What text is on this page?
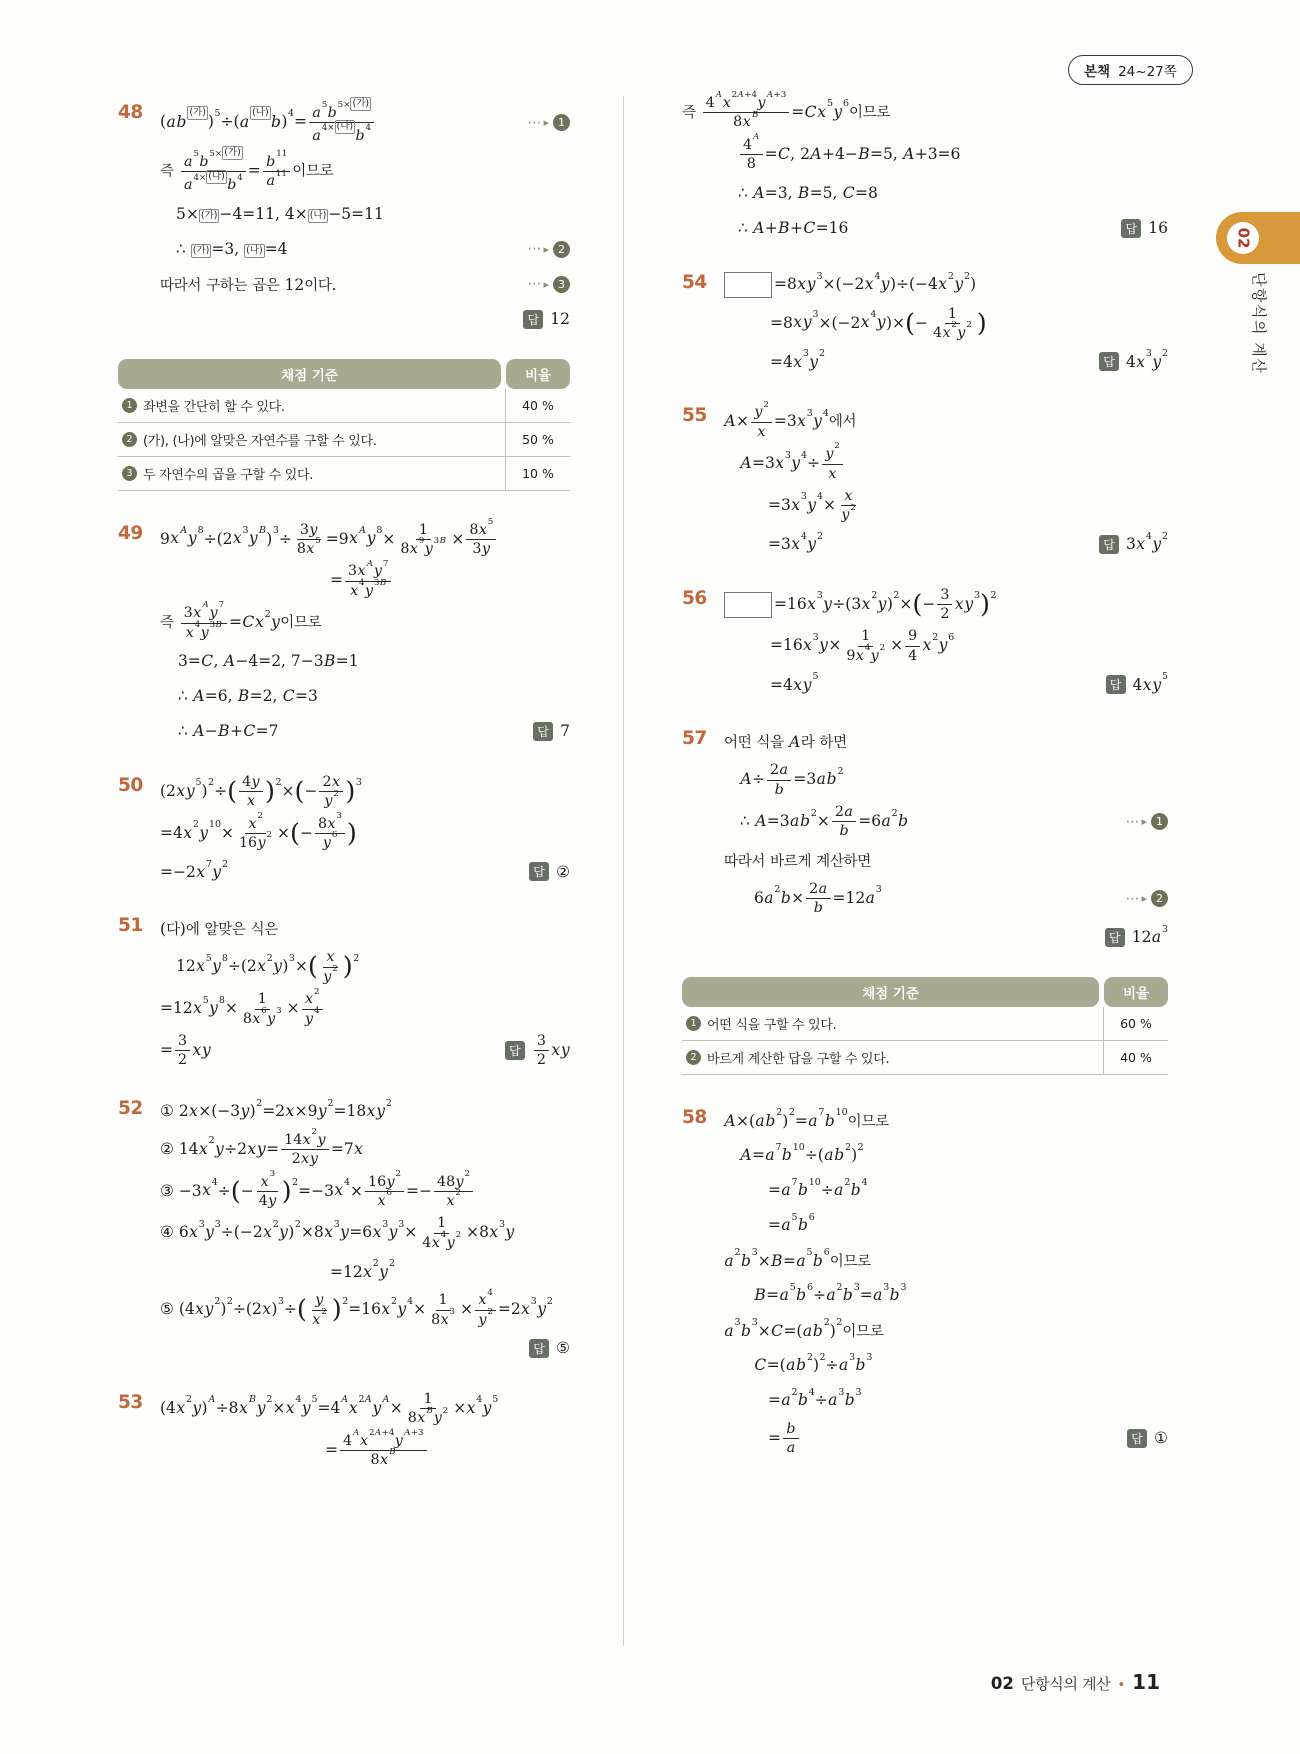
본책 24~27쪽
02
단항식의 계산
48	(ab $^{(가)}$ )$^5$÷(a $^{(나)}$ $b)^4= \frac{a^5b^{5\times (가)}}{a^{4\times (나)}b^4}$	⋯ ▸ 1
즉 $\frac{a^5b^{5\times (가)}}{a^{4\times (나)}b^4} = \frac{b^{11}}{a^{11}}$ 이므로
5× (가) −4=11, 4× (나) −5=11
∴ (가) =3, (나) =4	⋯ ▸ 2
따라서 구하는 곱은 12이다.	⋯ ▸ 3
답 12
채점 기준	비율
1 좌변을 간단히 할 수 있다.	40 %
2 (가), (나)에 알맞은 자연수를 구할 수 있다.	50 %
3 두 자연수의 곱을 구할 수 있다.	10 %
49	$9x^Ay^8\div(2x^3y^B)^3\div \frac{3y}{8x^5} =9x^Ay^8\times \frac{1}{8x^9y^{3B}} \times \frac{8x^5}{3y}$
= $\frac{3x^Ay^7}{x^4y^{3B}}$
즉 $\frac{3x^Ay^7}{x^4y^{3B}} =Cx^2y$이므로
3=C, A−4=2, 7−3B=1
∴ A=6, B=2, C=3
∴ A−B+C=7	답 7
50	$(2xy^5)^2\div( \frac{4y}{x} )^2\times(- \frac{2x}{y^2} )^3$
$=4x^2y^{10}\times \frac{x^2}{16y^2}$ ×(− $\frac{8x^3}{y^6}$ )
$=-2x^7y^2$
답 ②
51	(다)에 알맞은 식은
$12x^5y^8\div(2x^2y)^3\times( \frac{x}{y^2} )^2$
$=12x^5y^8\times \frac{1}{8x^6y^3} \times \frac{x^2}{y^4}$
= $\frac{3}{2}$ xy	답 $\frac{3}{2}$ xy
52	① $2x\times(-3y)^2=2x\times 9y^2=18xy^2$
② $14x^2y\div 2xy= \frac{14x^2y}{2xy} =7x$
③ $-3x^4\div(- \frac{x^3}{4y} )^2=-3x^4\times \frac{16y^2}{x^6} =- \frac{48y^2}{x^2}$
④ $6x^3y^3\div(-2x^2y)^2\times 8x^3y=6x^3y^3\times \frac{1}{4x^4y^2} \times 8x^3y$
$=12x^2y^2$
⑤ $(4xy^2)^2\div(2x)^3\div( \frac{y}{x^2} )^2=16x^2y^4\times \frac{1}{8x^3} \times \frac{x^4}{y^2} =2x^3y^2$
답 ⑤
53	$(4x^2y)^A\div 8x^By^2\times x^4y^5=4^Ax^{2A}y^A\times \frac{1}{8x^By^2} \times x^4y^5$
= $\frac{4^Ax^{2A+4}y^{A+3}}{8x^B}$
즉 $\frac{4^Ax^{2A+4}y^{A+3}}{8x^B} =Cx^5y^6$이므로
$\frac{4^A}{8} =C$, 2A+4−B=5, A+3=6
∴ A=3, B=5, C=8
∴ A+B+C=16	답 16
54	$=8xy^3\times(-2x^4y)\div(-4x^2y^2)$
$=8xy^3\times(-2x^4y)\times(- \frac{1}{4x^2y^2}$ )
$=4x^3y^2$
답 $4x^3y^2$
55	$A\times \frac{y^2}{x} =3x^3y^4$에서
$A=3x^3y^4\div \frac{y^2}{x}$
$=3x^3y^4\times \frac{x}{y^2}$
$=3x^4y^2$
답 $3x^4y^2$
56	$=16x^3y\div(3x^2y)^2\times(- \frac{3}{2} xy^3)^2$
$=16x^3y\times \frac{1}{9x^4y^2} \times \frac{9}{4} x^2y^6$
$=4xy^5$
답 $4xy^5$
57	어떤 식을 A라 하면
$A\div \frac{2a}{b} =3ab^2$
∴ $A=3ab^2\times \frac{2a}{b} =6a^2b$	⋯ ▸ 1
따라서 바르게 계산하면
$6a^2b\times \frac{2a}{b} =12a^3$
⋯ ▸ 2
답 $12a^3$
채점 기준	비율
1 어떤 식을 구할 수 있다.	60 %
2 바르게 계산한 답을 구할 수 있다.	40 %
58	$A\times(ab^2)^2=a^7b^{10}$이므로
$A=a^7b^{10}\div(ab^2)^2$
$=a^7b^{10}\div a^2b^4$
$=a^5b^6$
$a^2b^3\times B=a^5b^6$이므로
$B=a^5b^6\div a^2b^3=a^3b^3$
$a^3b^3\times C=(ab^2)^2$이므로
$C=(ab^2)^2\div a^3b^3$
$=a^2b^4\div a^3b^3$
= $\frac{b}{a}$	답 ①
02 단항식의 계산 • 11
